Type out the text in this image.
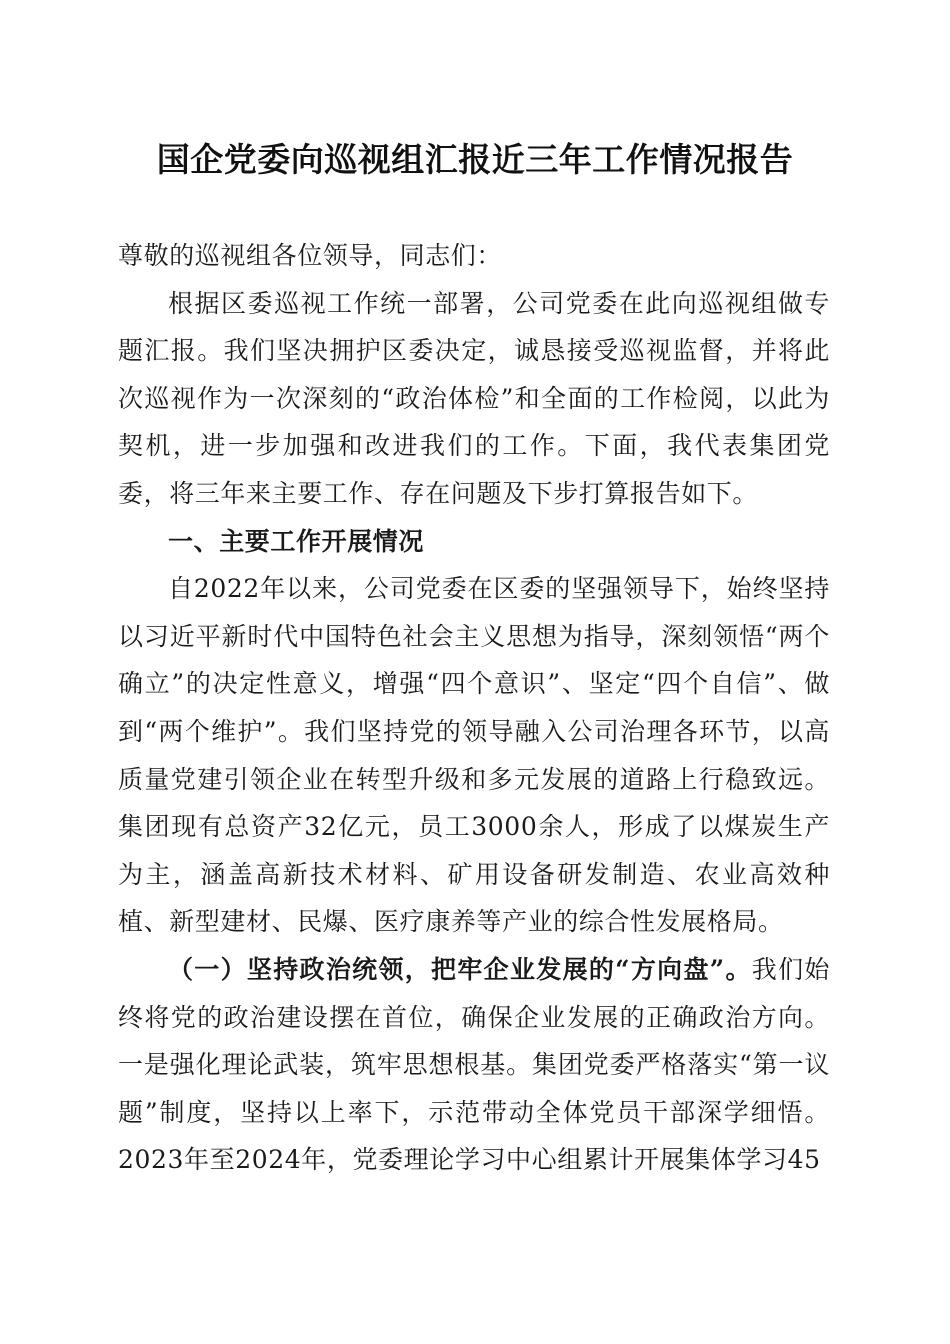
国企党委向巡视组汇报近三年工作情况报告

尊敬的巡视组各位领导，同志们：

根据区委巡视工作统一部署，公司党委在此向巡视组做专题汇报。我们坚决拥护区委决定，诚恳接受巡视监督，并将此次巡视作为一次深刻的“政治体检”和全面的工作检阅，以此为契机，进一步加强和改进我们的工作。下面，我代表集团党委，将三年来主要工作、存在问题及下步打算报告如下。

一、主要工作开展情况

自2022年以来，公司党委在区委的坚强领导下，始终坚持以习近平新时代中国特色社会主义思想为指导，深刻领悟“两个确立”的决定性意义，增强“四个意识”、坚定“四个自信”、做到“两个维护”。我们坚持党的领导融入公司治理各环节，以高质量党建引领企业在转型升级和多元发展的道路上行稳致远。集团现有总资产32亿元，员工3000余人，形成了以煤炭生产为主，涵盖高新技术材料、矿用设备研发制造、农业高效种植、新型建材、民爆、医疗康养等产业的综合性发展格局。

（一）坚持政治统领，把牢企业发展的“方向盘”。我们始终将党的政治建设摆在首位，确保企业发展的正确政治方向。一是强化理论武装，筑牢思想根基。集团党委严格落实“第一议题”制度，坚持以上率下，示范带动全体党员干部深学细悟。2023年至2024年，党委理论学习中心组累计开展集体学习45
